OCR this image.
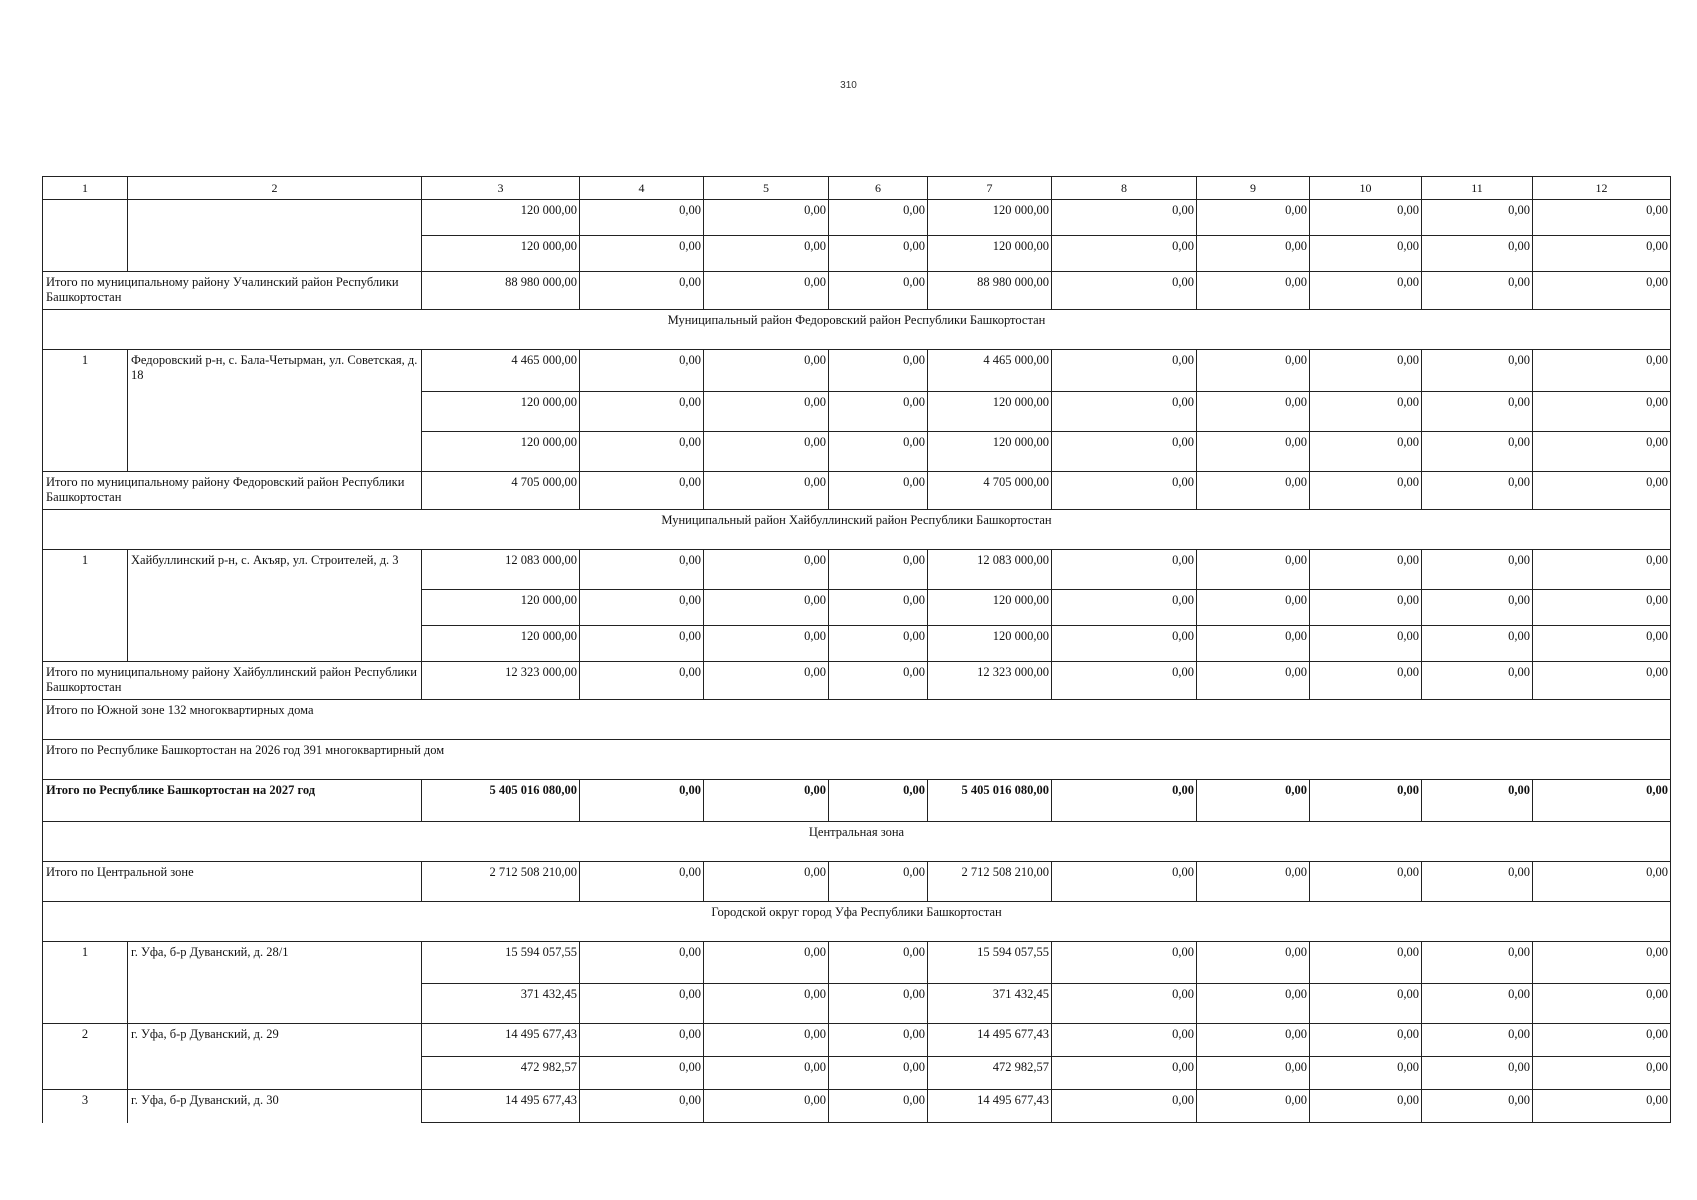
310
1	2	3	4	5	6	7	8	9	10	11	12
		120 000,00	0,00	0,00	0,00	120 000,00	0,00	0,00	0,00	0,00	0,00
		120 000,00	0,00	0,00	0,00	120 000,00	0,00	0,00	0,00	0,00	0,00
Итого по муниципальному району Учалинский район Республики Башкортостан		88 980 000,00	0,00	0,00	0,00	88 980 000,00	0,00	0,00	0,00	0,00	0,00
Муниципальный район Федоровский район Республики Башкортостан											
1	Федоровский р-н, с. Бала-Четырман, ул. Советская, д. 18	4 465 000,00	0,00	0,00	0,00	4 465 000,00	0,00	0,00	0,00	0,00	0,00
		120 000,00	0,00	0,00	0,00	120 000,00	0,00	0,00	0,00	0,00	0,00
		120 000,00	0,00	0,00	0,00	120 000,00	0,00	0,00	0,00	0,00	0,00
Итого по муниципальному району Федоровский район Республики Башкортостан		4 705 000,00	0,00	0,00	0,00	4 705 000,00	0,00	0,00	0,00	0,00	0,00
Муниципальный район Хайбуллинский район Республики Башкортостан											
1	Хайбуллинский р-н, с. Акъяр, ул. Строителей, д. 3	12 083 000,00	0,00	0,00	0,00	12 083 000,00	0,00	0,00	0,00	0,00	0,00
		120 000,00	0,00	0,00	0,00	120 000,00	0,00	0,00	0,00	0,00	0,00
		120 000,00	0,00	0,00	0,00	120 000,00	0,00	0,00	0,00	0,00	0,00
Итого по муниципальному району Хайбуллинский район Республики Башкортостан		12 323 000,00	0,00	0,00	0,00	12 323 000,00	0,00	0,00	0,00	0,00	0,00
Итого по Южной зоне 132 многоквартирных дома											
Итого по Республике Башкортостан на 2026 год 391 многоквартирный дом											
Итого по Республике Башкортостан на 2027 год		5 405 016 080,00	0,00	0,00	0,00	5 405 016 080,00	0,00	0,00	0,00	0,00	0,00
Центральная зона											
Итого по Центральной зоне		2 712 508 210,00	0,00	0,00	0,00	2 712 508 210,00	0,00	0,00	0,00	0,00	0,00
Городской округ город Уфа Республики Башкортостан											
1	г. Уфа, б-р Дуванский, д. 28/1	15 594 057,55	0,00	0,00	0,00	15 594 057,55	0,00	0,00	0,00	0,00	0,00
		371 432,45	0,00	0,00	0,00	371 432,45	0,00	0,00	0,00	0,00	0,00
2	г. Уфа, б-р Дуванский, д. 29	14 495 677,43	0,00	0,00	0,00	14 495 677,43	0,00	0,00	0,00	0,00	0,00
		472 982,57	0,00	0,00	0,00	472 982,57	0,00	0,00	0,00	0,00	0,00
3	г. Уфа, б-р Дуванский, д. 30	14 495 677,43	0,00	0,00	0,00	14 495 677,43	0,00	0,00	0,00	0,00	0,00
